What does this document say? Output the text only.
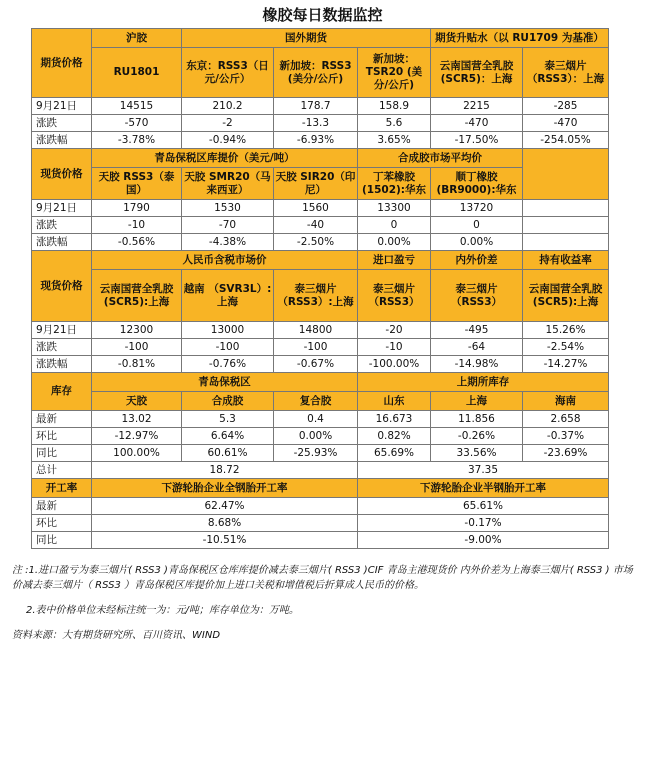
橡胶每日数据监控
期货价格	沪胶	国外期货			期货升贴水（以 RU1709 为基准）	
	RU1801	东京：RSS3（日元/公斤）	新加坡：RSS3 (美分/公斤)	新加坡：TSR20 (美分/公斤)	云南国营全乳胶 (SCR5)：上海	泰三烟片 （RSS3）：上海
9月21日	14515	210.2	178.7	158.9	2215	-285
涨跌	-570	-2	-13.3	5.6	-470	-470
涨跌幅	-3.78%	-0.94%	-6.93%	3.65%	-17.50%	-254.05%
现货价格	青岛保税区库提价（美元/吨）			合成胶市场平均价		
	天胶 RSS3（泰国）	天胶 SMR20（马来西亚）	天胶 SIR20（印尼）	丁苯橡胶 (1502):华东	顺丁橡胶 (BR9000):华东	
9月21日	1790	1530	1560	13300	13720	
涨跌	-10	-70	-40	0	0	
涨跌幅	-0.56%	-4.38%	-2.50%	0.00%	0.00%	
现货价格	人民币含税市场价			进口盈亏	内外价差	持有收益率
	云南国营全乳胶 (SCR5):上海	越南 （SVR3L）:上海	泰三烟片 （RSS3）:上海	泰三烟片 （RSS3）	泰三烟片 （RSS3）	云南国营全乳胶(SCR5):上海
9月21日	12300	13000	14800	-20	-495	15.26%
涨跌	-100	-100	-100	-10	-64	-2.54%
涨跌幅	-0.81%	-0.76%	-0.67%	-100.00%	-14.98%	-14.27%
库存	青岛保税区			上期所库存		
	天胶	合成胶	复合胶	山东	上海	海南
最新	13.02	5.3	0.4	16.673	11.856	2.658
环比	-12.97%	6.64%	0.00%	0.82%	-0.26%	-0.37%
同比	100.00%	60.61%	-25.93%	65.69%	33.56%	-23.69%
总计	18.72			37.35		
开工率	下游轮胎企业全钢胎开工率			下游轮胎企业半钢胎开工率		
最新	62.47%			65.61%		
环比	8.68%			-0.17%		
同比	-10.51%			-9.00%		

注 :1.进口盈亏为泰三烟片( RSS3 )青岛保税区仓库库提价减去泰三烟片( RSS3 )CIF 青岛主港现货价 内外价差为上海泰三烟片( RSS3 ) 市场价减去泰三烟片（ RSS3 ）青岛保税区库提价加上进口关税和增值税后折算成人民币的价格。

2.表中价格单位未经标注统一为：元/吨；库存单位为：万吨。

资料来源：大有期货研究所、百川资讯、WIND
